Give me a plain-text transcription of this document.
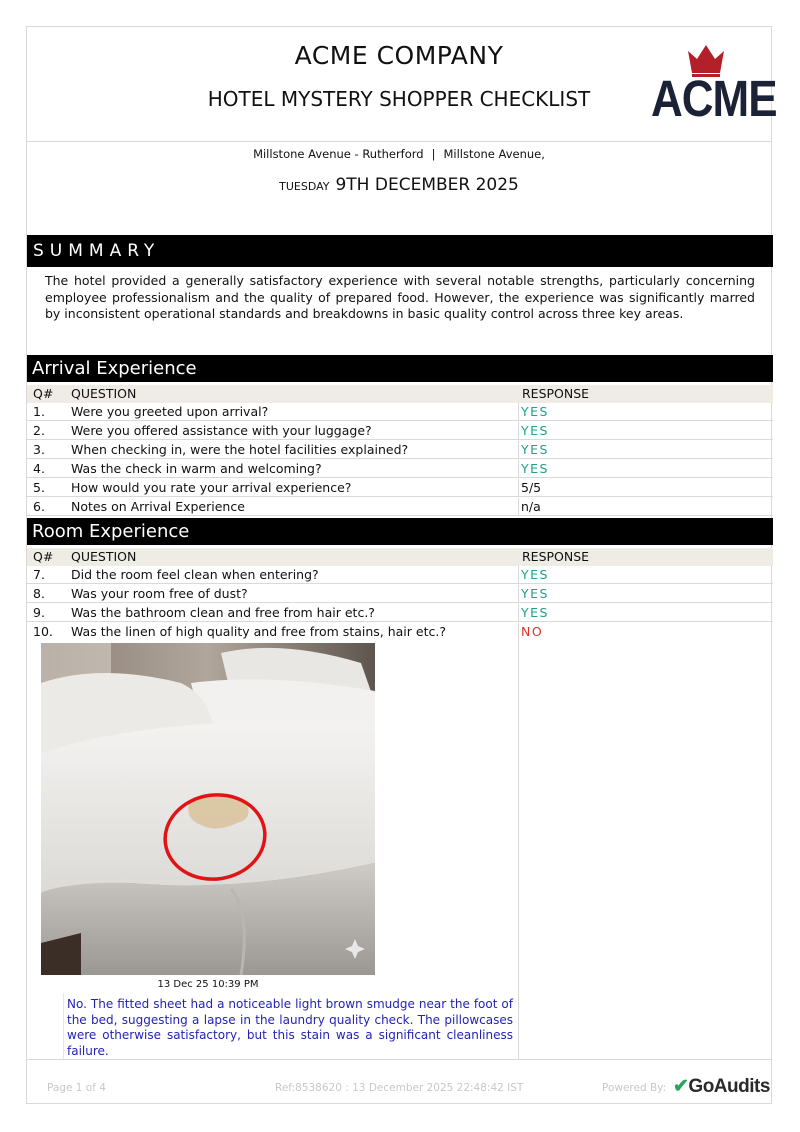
ACME COMPANY
HOTEL MYSTERY SHOPPER CHECKLIST	ACME
Millstone Avenue - Rutherford | Millstone Avenue,
TUESDAY 9TH DECEMBER 2025
SUMMARY
The hotel provided a generally satisfactory experience with several notable strengths, particularly concerning employee professionalism and the quality of prepared food. However, the experience was significantly marred by inconsistent operational standards and breakdowns in basic quality control across three key areas.
Arrival Experience
Q# QUESTION	RESPONSE
1. Were you greeted upon arrival?	YES
2. Were you offered assistance with your luggage?	YES
3. When checking in, were the hotel facilities explained?	YES
4. Was the check in warm and welcoming?	YES
5. How would you rate your arrival experience?	5/5
6. Notes on Arrival Experience	n/a
Room Experience
Q# QUESTION	RESPONSE
7. Did the room feel clean when entering?	YES
8. Was your room free of dust?	YES
9. Was the bathroom clean and free from hair etc.?	YES
10. Was the linen of high quality and free from stains, hair etc.?	NO
13 Dec 25 10:39 PM
No. The fitted sheet had a noticeable light brown smudge near the foot of the bed, suggesting a lapse in the laundry quality check. The pillowcases were otherwise satisfactory, but this stain was a significant cleanliness failure.
Page 1 of 4	Ref:8538620 : 13 December 2025 22:48:42 IST	Powered By: ✔GoAudits
